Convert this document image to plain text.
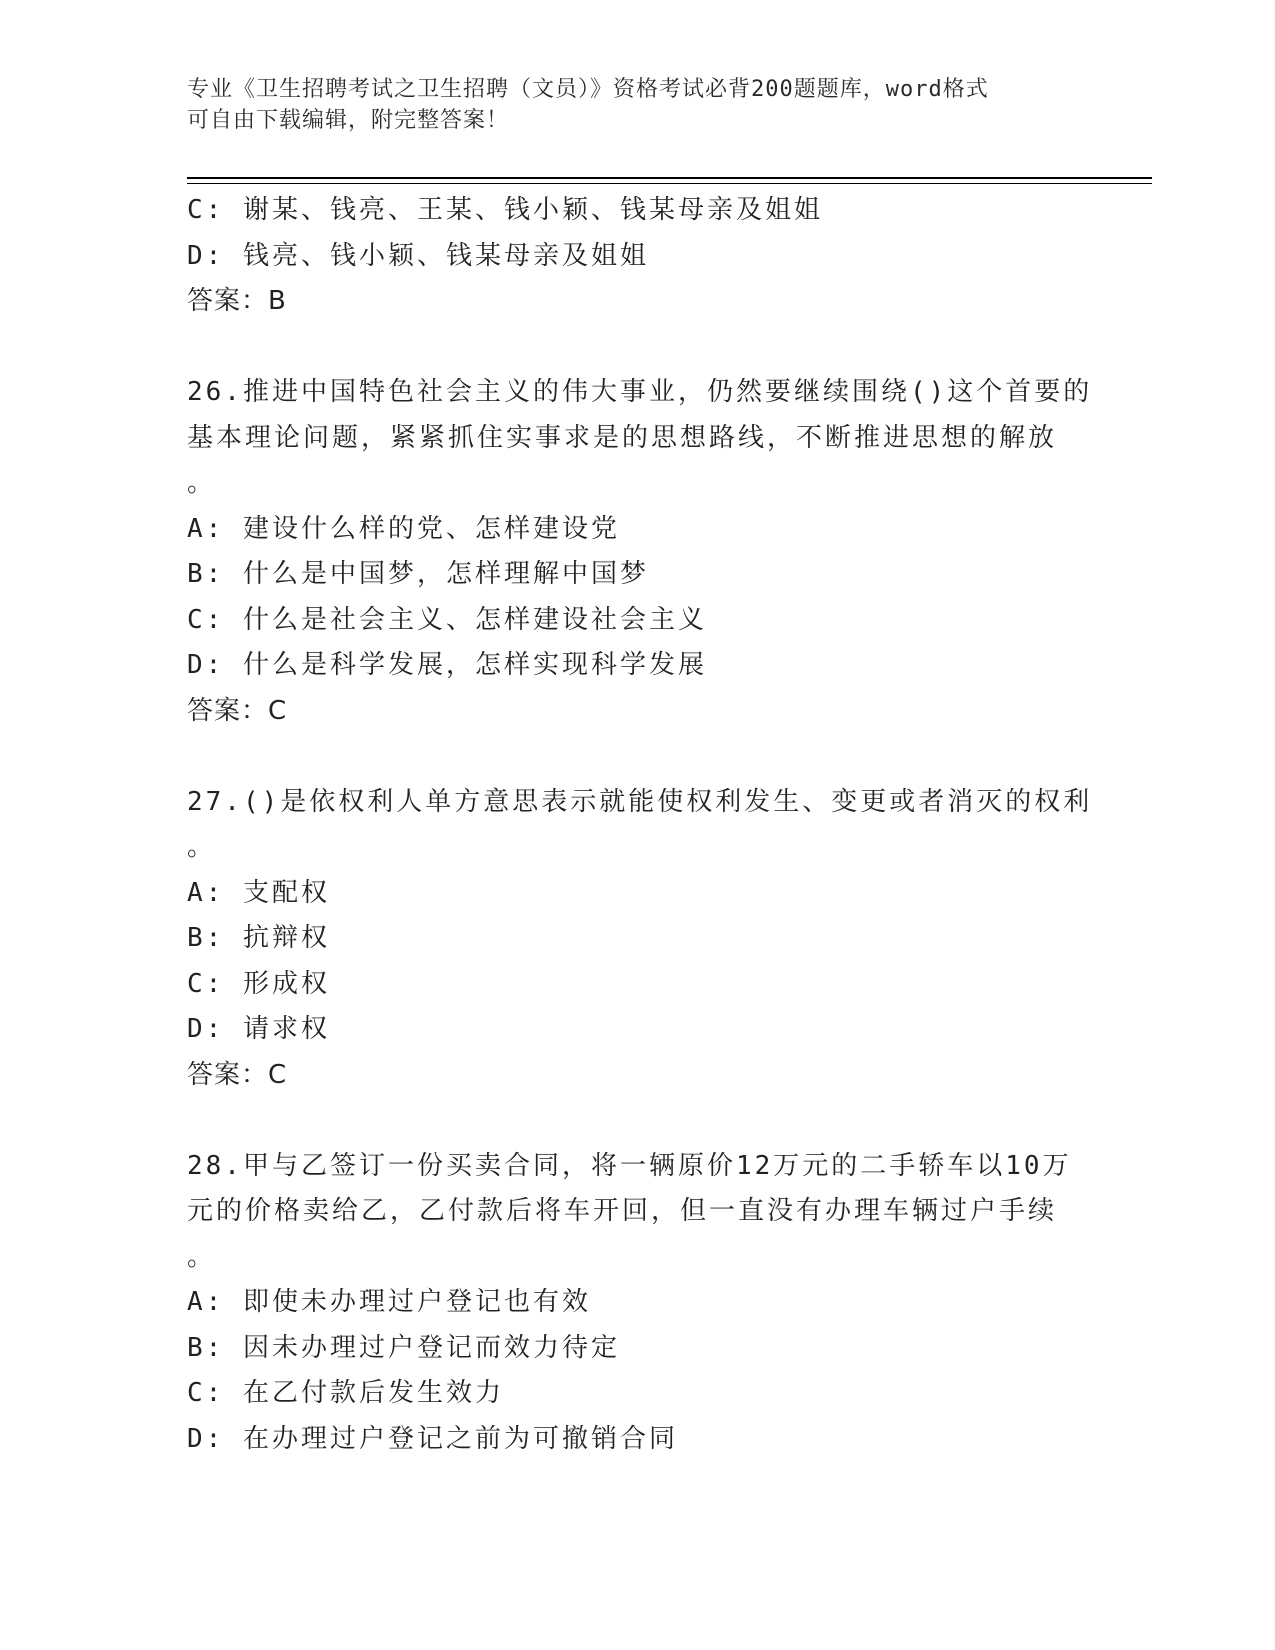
专业《卫生招聘考试之卫生招聘（文员）》资格考试必背200题题库，word格式
可自由下载编辑，附完整答案！
C: 谢某、钱亮、王某、钱小颖、钱某母亲及姐姐
D: 钱亮、钱小颖、钱某母亲及姐姐
答案：B
26.推进中国特色社会主义的伟大事业，仍然要继续围绕()这个首要的
基本理论问题，紧紧抓住实事求是的思想路线，不断推进思想的解放
。
A: 建设什么样的党、怎样建设党
B: 什么是中国梦，怎样理解中国梦
C: 什么是社会主义、怎样建设社会主义
D: 什么是科学发展，怎样实现科学发展
答案：C
27.()是依权利人单方意思表示就能使权利发生、变更或者消灭的权利
。
A: 支配权
B: 抗辩权
C: 形成权
D: 请求权
答案：C
28.甲与乙签订一份买卖合同，将一辆原价12万元的二手轿车以10万
元的价格卖给乙，乙付款后将车开回，但一直没有办理车辆过户手续
。
A: 即使未办理过户登记也有效
B: 因未办理过户登记而效力待定
C: 在乙付款后发生效力
D: 在办理过户登记之前为可撤销合同
